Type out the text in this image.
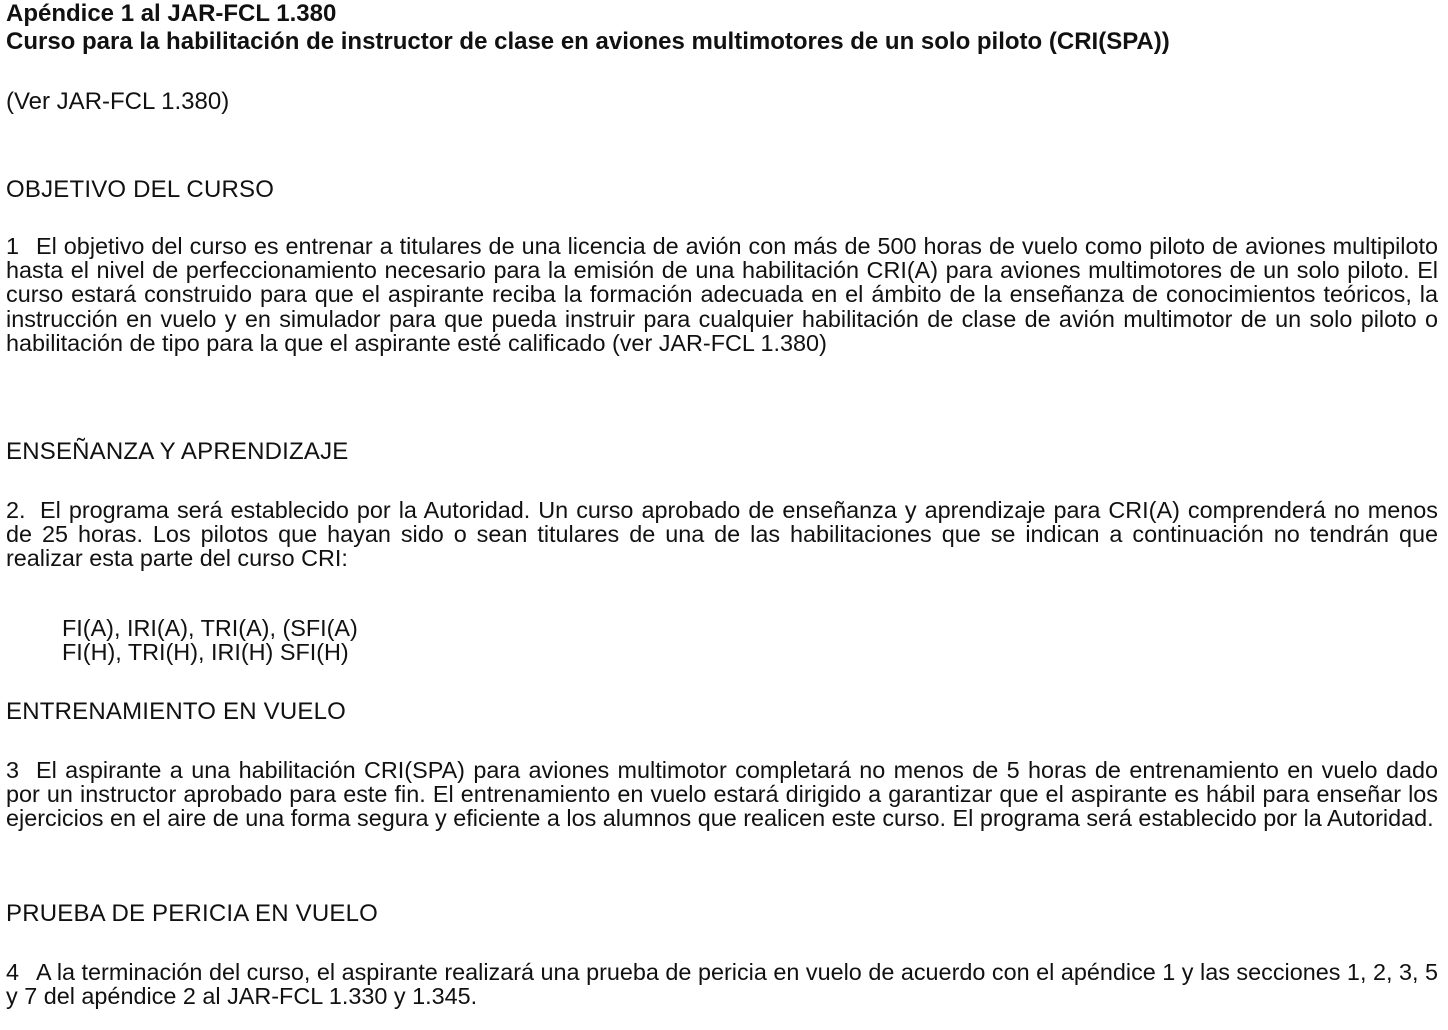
Apéndice 1 al JAR-FCL 1.380
Curso para la habilitación de instructor de clase en aviones multimotores de un solo piloto (CRI(SPA))

(Ver JAR-FCL 1.380)

OBJETIVO DEL CURSO

1 El objetivo del curso es entrenar a titulares de una licencia de avión con más de 500 horas de vuelo como piloto de aviones multipiloto hasta el nivel de perfeccionamiento necesario para la emisión de una habilitación CRI(A) para aviones multimotores de un solo piloto. El curso estará construido para que el aspirante reciba la formación adecuada en el ámbito de la enseñanza de conocimientos teóricos, la instrucción en vuelo y en simulador para que pueda instruir para cualquier habilitación de clase de avión multimotor de un solo piloto o habilitación de tipo para la que el aspirante esté calificado (ver JAR-FCL 1.380)

ENSEÑANZA Y APRENDIZAJE

2. El programa será establecido por la Autoridad. Un curso aprobado de enseñanza y aprendizaje para CRI(A) comprenderá no menos de 25 horas. Los pilotos que hayan sido o sean titulares de una de las habilitaciones que se indican a continuación no tendrán que realizar esta parte del curso CRI:

FI(A), IRI(A), TRI(A), (SFI(A)
FI(H), TRI(H), IRI(H) SFI(H)

ENTRENAMIENTO EN VUELO

3 El aspirante a una habilitación CRI(SPA) para aviones multimotor completará no menos de 5 horas de entrenamiento en vuelo dado por un instructor aprobado para este fin. El entrenamiento en vuelo estará dirigido a garantizar que el aspirante es hábil para enseñar los ejercicios en el aire de una forma segura y eficiente a los alumnos que realicen este curso. El programa será establecido por la Autoridad.

PRUEBA DE PERICIA EN VUELO

4 A la terminación del curso, el aspirante realizará una prueba de pericia en vuelo de acuerdo con el apéndice 1 y las secciones 1, 2, 3, 5 y 7 del apéndice 2 al JAR-FCL 1.330 y 1.345.
